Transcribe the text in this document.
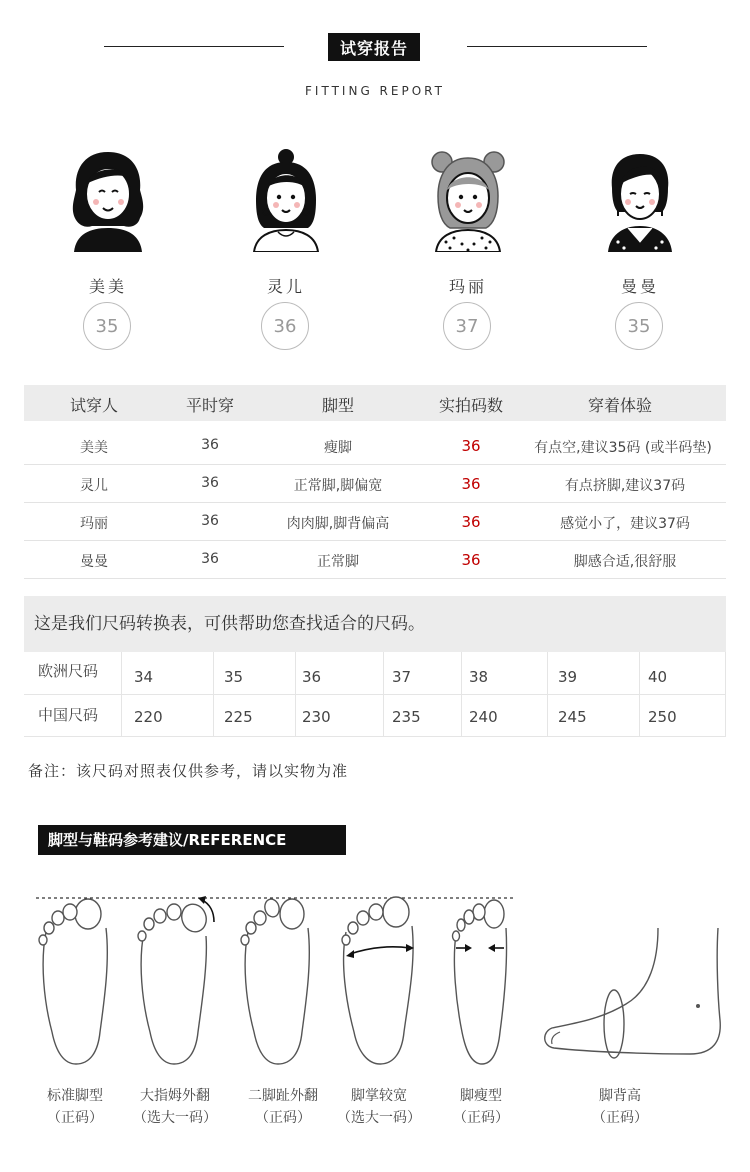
试穿报告
FITTING REPORT
美美	灵儿	玛丽	曼曼
35	36	37	35
试穿人	平时穿	脚型	实拍码数	穿着体验
美美	36	瘦脚	36	有点空,建议35码 (或半码垫)
灵儿	36	正常脚,脚偏宽	36	有点挤脚,建议37码
玛丽	36	肉肉脚,脚背偏高	36	感觉小了，建议37码
曼曼	36	正常脚	36	脚感合适,很舒服
这是我们尺码转换表，可供帮助您查找适合的尺码。
欧洲尺码	34	35	36	37	38	39	40
中国尺码	220	225	230	235	240	245	250
备注：该尺码对照表仅供参考，请以实物为准
脚型与鞋码参考建议/REFERENCE
标准脚型
（正码）
大指姆外翻
（选大一码）
二脚趾外翻
（正码）
脚掌较宽
（选大一码）
脚瘦型
（正码）
脚背高
（正码）
